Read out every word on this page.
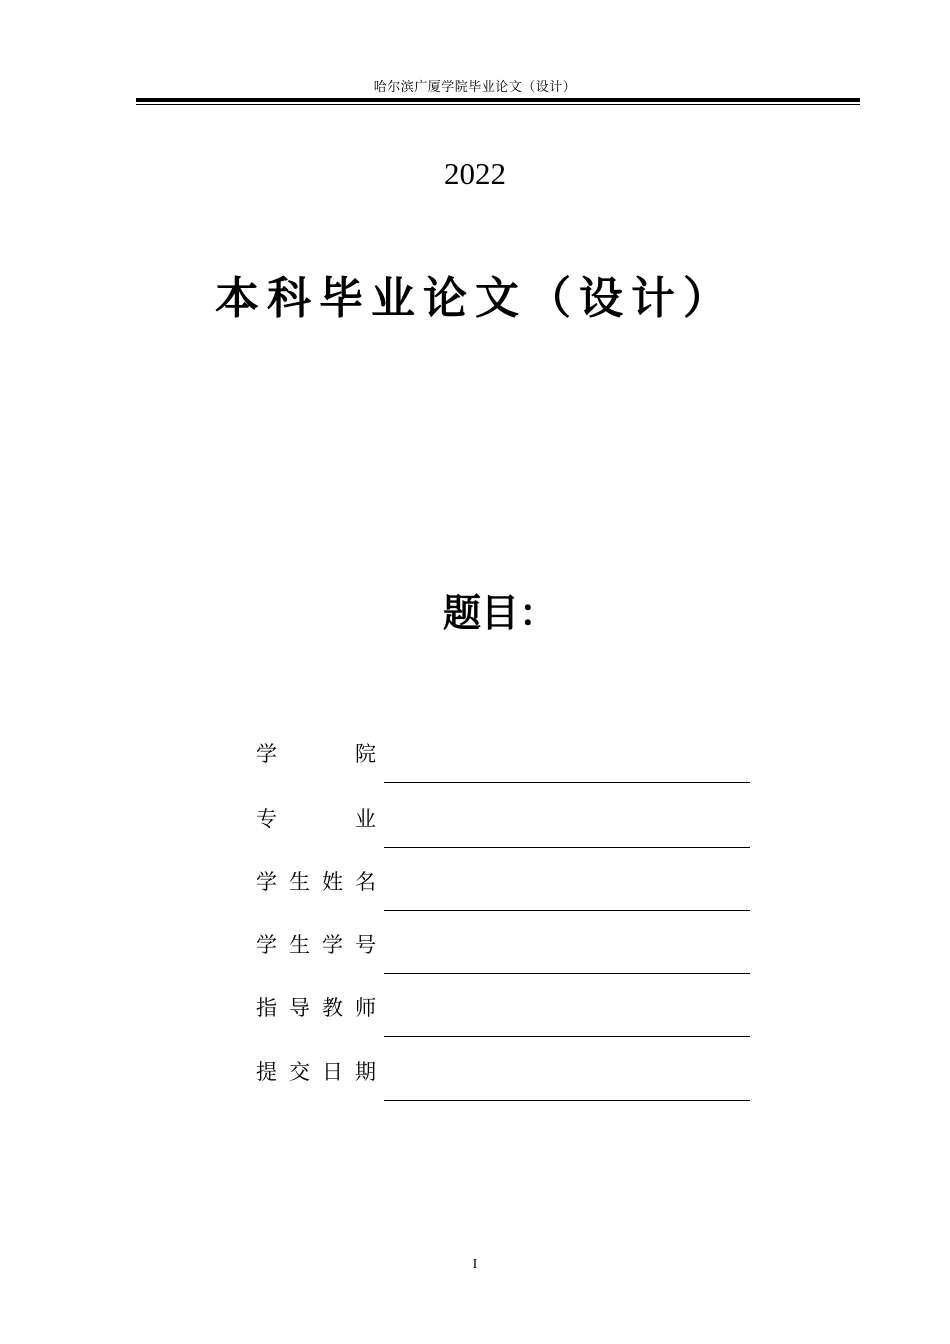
哈尔滨广厦学院毕业论文（设计）
2022
本科毕业论文（设计）
题目：
学	院
专	业
学 生 姓 名
学 生 学 号
指 导 教 师
提 交 日 期
I
